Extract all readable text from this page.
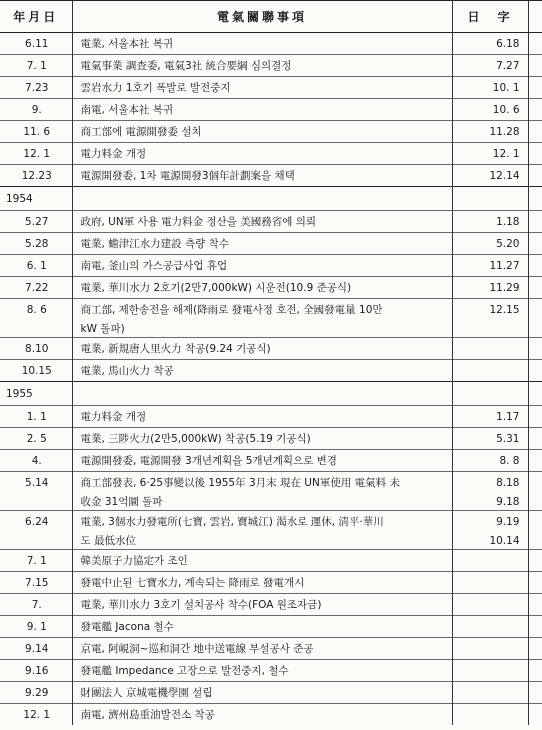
年月日	電氣關聯事項	日　字	
6.11	電業, 서울本社 복귀	6.18	
7. 1	電氣事業 調查委, 電氣3社 統合要綱 심의결정	7.27	
7.23	雲岩水力 1호기 폭발로 발전중지	10. 1	
9.	南電, 서울本社 복귀	10. 6	
11. 6	商工部에 電源開發委 설치	11.28	
12. 1	電力料金 개정	12. 1	
12.23	電源開發委, 1차 電源開發3個年計劃案을 채택	12.14	
1954			
5.27	政府, UN軍 사용 電力料金 정산을 美國務省에 의뢰	1.18	
5.28	電業, 蟾津江水力建設 측량 착수	5.20	
6. 1	南電, 釜山의 가스공급사업 휴업	11.27	
7.22	電業, 華川水力 2호기(2만7,000kW) 시운전(10.9 준공식)	11.29	
8. 6	商工部, 제한송전을 해제(降雨로 發電사정 호전, 全國發電量 10만	12.15	
	kW 돌파)		
8.10	電業, 新規唐人里火力 착공(9.24 기공식)		
10.15	電業, 馬山火力 착공		
1955			
1. 1	電力料金 개정	1.17	
2. 5	電業, 三陟火力(2만5,000kW) 착공(5.19 기공식)	5.31	
4.	電源開發委, 電源開發 3개년계획을 5개년계획으로 변경	8. 8	
5.14	商工部發表, 6·25事變以後 1955年 3月末 現在 UN軍使用 電氣料 未	8.18	
	收金 31억圜 돌파	9.18	
6.24	電業, 3個水力發電所(七寶, 雲岩, 寶城江) 渴水로 運休, 淸平·華川	9.19	
	도 最低水位	10.14	
7. 1	韓美原子力協定가 조인		
7.15	發電中止된 七寶水力, 계속되는 降雨로 發電개시		
7.	電業, 華川水力 3호기 설치공사 착수(FOA 원조자금)		
9. 1	發電艦 Jacona 철수		
9.14	京電, 阿峴洞~巡和洞간 地中送電線 부설공사 준공		
9.16	發電艦 Impedance 고장으로 발전중지, 철수		
9.29	財團法人 京城電機學園 설립		
12. 1	南電, 濟州島重油발전소 착공		
